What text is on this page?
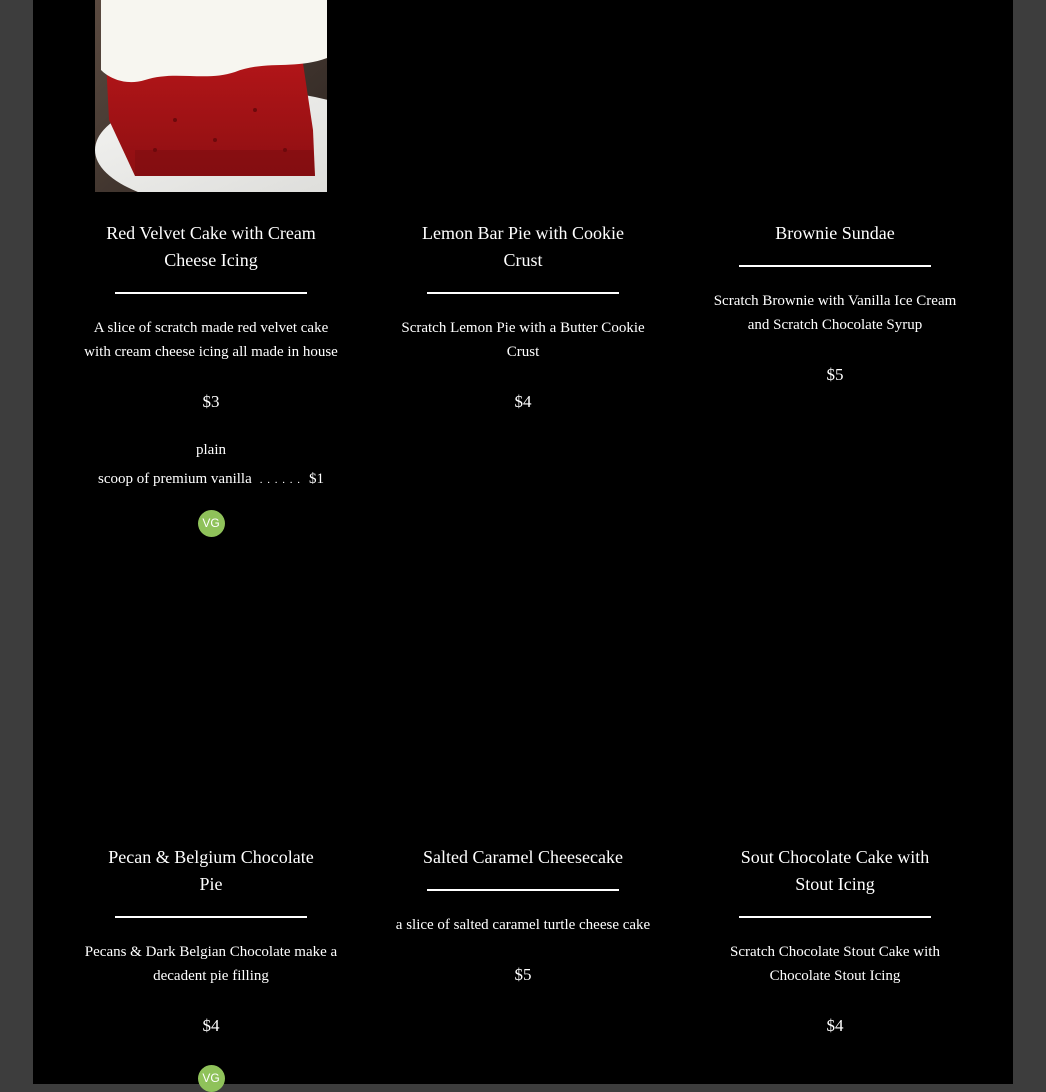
Red Velvet Cake with Cream Cheese Icing
A slice of scratch made red velvet cake with cream cheese icing all made in house
$3
plain
scoop of premium vanilla . . . . . . $1
VG
Lemon Bar Pie with Cookie Crust
Scratch Lemon Pie with a Butter Cookie Crust
$4
Brownie Sundae
Scratch Brownie with Vanilla Ice Cream and Scratch Chocolate Syrup
$5
Pecan & Belgium Chocolate Pie
Pecans & Dark Belgian Chocolate make a decadent pie filling
$4
VG
Salted Caramel Cheesecake
a slice of salted caramel turtle cheese cake
$5
Sout Chocolate Cake with Stout Icing
Scratch Chocolate Stout Cake with Chocolate Stout Icing
$4
